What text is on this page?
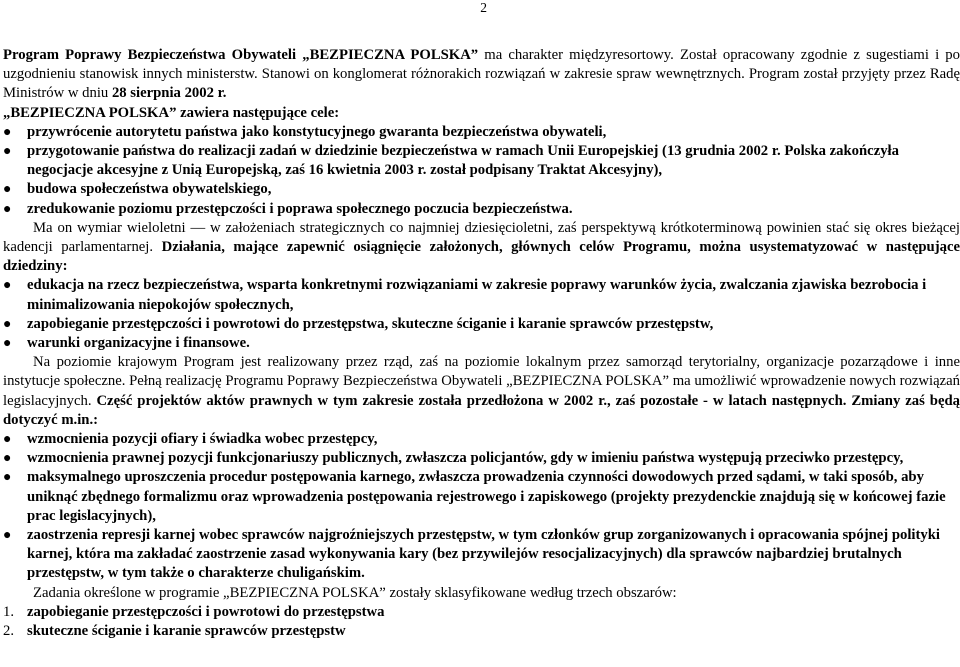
2

Program Poprawy Bezpieczeństwa Obywateli „BEZPIECZNA POLSKA” ma charakter międzyresortowy. Został opracowany zgodnie z sugestiami i po uzgodnieniu stanowisk innych ministerstw. Stanowi on konglomerat różnorakich rozwiązań w zakresie spraw wewnętrznych. Program został przyjęty przez Radę Ministrów w dniu 28 sierpnia 2002 r.

„BEZPIECZNA POLSKA” zawiera następujące cele:

● przywrócenie autorytetu państwa jako konstytucyjnego gwaranta bezpieczeństwa obywateli,
● przygotowanie państwa do realizacji zadań w dziedzinie bezpieczeństwa w ramach Unii Europejskiej (13 grudnia 2002 r. Polska zakończyła negocjacje akcesyjne z Unią Europejską, zaś 16 kwietnia 2003 r. został podpisany Traktat Akcesyjny),
● budowa społeczeństwa obywatelskiego,
● zredukowanie poziomu przestępczości i poprawa społecznego poczucia bezpieczeństwa.

Ma on wymiar wieloletni — w założeniach strategicznych co najmniej dziesięcioletni, zaś perspektywą krótkoterminową powinien stać się okres bieżącej kadencji parlamentarnej. Działania, mające zapewnić osiągnięcie założonych, głównych celów Programu, można usystematyzować w następujące dziedziny:

● edukacja na rzecz bezpieczeństwa, wsparta konkretnymi rozwiązaniami w zakresie poprawy warunków życia, zwalczania zjawiska bezrobocia i minimalizowania niepokojów społecznych,
● zapobieganie przestępczości i powrotowi do przestępstwa, skuteczne ściganie i karanie sprawców przestępstw,
● warunki organizacyjne i finansowe.

Na poziomie krajowym Program jest realizowany przez rząd, zaś na poziomie lokalnym przez samorząd terytorialny, organizacje pozarządowe i inne instytucje społeczne. Pełną realizację Programu Poprawy Bezpieczeństwa Obywateli „BEZPIECZNA POLSKA” ma umożliwić wprowadzenie nowych rozwiązań legislacyjnych. Część projektów aktów prawnych w tym zakresie została przedłożona w 2002 r., zaś pozostałe - w latach następnych. Zmiany zaś będą dotyczyć m.in.:

● wzmocnienia pozycji ofiary i świadka wobec przestępcy,
● wzmocnienia prawnej pozycji funkcjonariuszy publicznych, zwłaszcza policjantów, gdy w imieniu państwa występują przeciwko przestępcy,
● maksymalnego uproszczenia procedur postępowania karnego, zwłaszcza prowadzenia czynności dowodowych przed sądami, w taki sposób, aby uniknąć zbędnego formalizmu oraz wprowadzenia postępowania rejestrowego i zapiskowego (projekty prezydenckie znajdują się w końcowej fazie prac legislacyjnych),
● zaostrzenia represji karnej wobec sprawców najgroźniejszych przestępstw, w tym członków grup zorganizowanych i opracowania spójnej polityki karnej, która ma zakładać zaostrzenie zasad wykonywania kary (bez przywilejów resocjalizacyjnych) dla sprawców najbardziej brutalnych przestępstw, w tym także o charakterze chuligańskim.

Zadania określone w programie „BEZPIECZNA POLSKA” zostały sklasyfikowane według trzech obszarów:

1. zapobieganie przestępczości i powrotowi do przestępstwa
2. skuteczne ściganie i karanie sprawców przestępstw
